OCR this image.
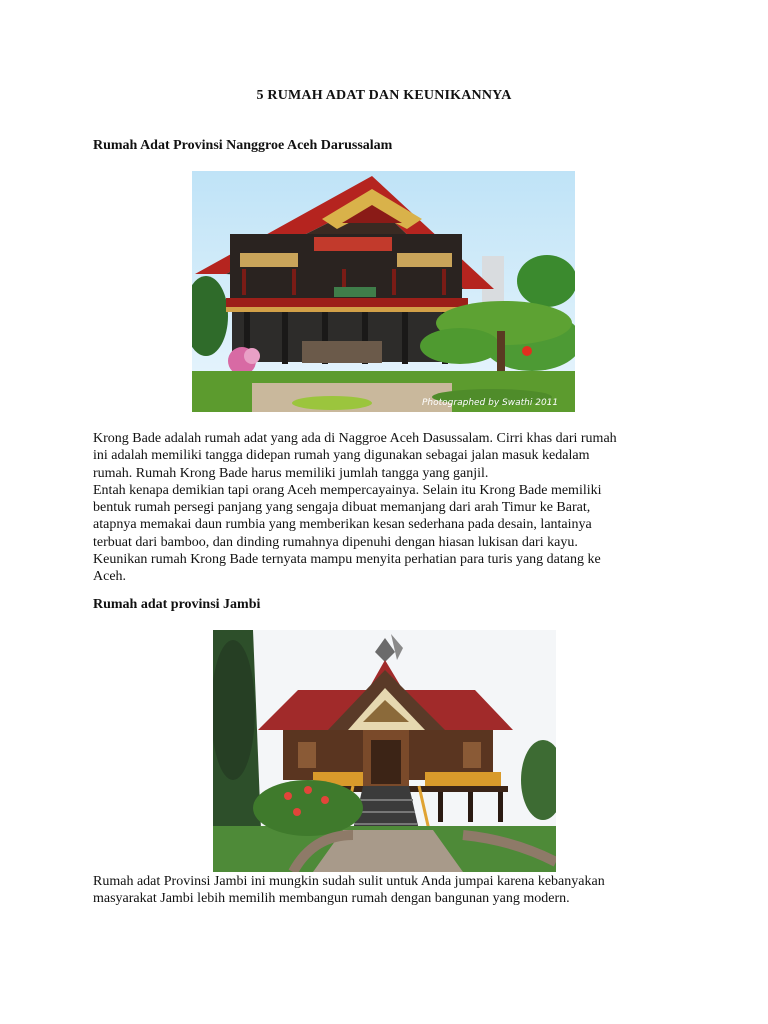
5 RUMAH ADAT DAN KEUNIKANNYA
Rumah Adat Provinsi Nanggroe Aceh Darussalam
Photographed by Swathi 2011
Krong Bade adalah rumah adat yang ada di Naggroe Aceh Dasussalam. Cirri khas dari rumah
ini adalah memiliki tangga didepan rumah yang digunakan sebagai jalan masuk kedalam
rumah. Rumah Krong Bade harus memiliki jumlah tangga yang ganjil.
Entah kenapa demikian tapi orang Aceh mempercayainya. Selain itu Krong Bade memiliki
bentuk rumah persegi panjang yang sengaja dibuat memanjang dari arah Timur ke Barat,
atapnya memakai daun rumbia yang memberikan kesan sederhana pada desain, lantainya
terbuat dari bamboo, dan dinding rumahnya dipenuhi dengan hiasan lukisan dari kayu.
Keunikan rumah Krong Bade ternyata mampu menyita perhatian para turis yang datang ke
Aceh.
Rumah adat provinsi Jambi
Rumah adat Provinsi Jambi ini mungkin sudah sulit untuk Anda jumpai karena kebanyakan
masyarakat Jambi lebih memilih membangun rumah dengan bangunan yang modern.
